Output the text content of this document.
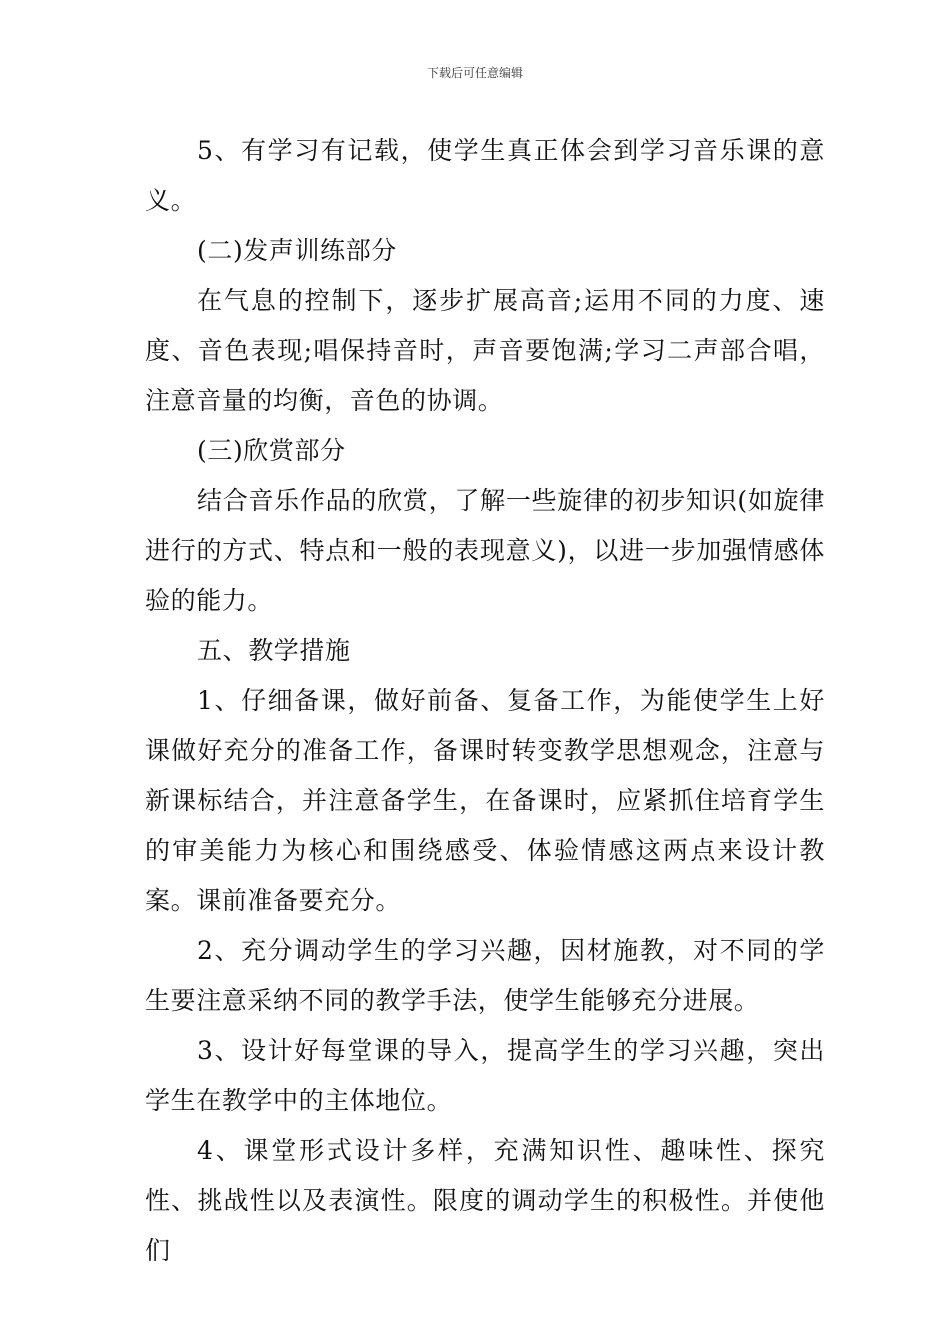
下载后可任意编辑

5、有学习有记载，使学生真正体会到学习音乐课的意义。

(二)发声训练部分

在气息的控制下，逐步扩展高音;运用不同的力度、速度、音色表现;唱保持音时，声音要饱满;学习二声部合唱，注意音量的均衡，音色的协调。

(三)欣赏部分

结合音乐作品的欣赏，了解一些旋律的初步知识(如旋律进行的方式、特点和一般的表现意义)，以进一步加强情感体验的能力。

五、教学措施

1、仔细备课，做好前备、复备工作，为能使学生上好课做好充分的准备工作，备课时转变教学思想观念，注意与新课标结合，并注意备学生，在备课时，应紧抓住培育学生的审美能力为核心和围绕感受、体验情感这两点来设计教案。课前准备要充分。

2、充分调动学生的学习兴趣，因材施教，对不同的学生要注意采纳不同的教学手法，使学生能够充分进展。

3、设计好每堂课的导入，提高学生的学习兴趣，突出学生在教学中的主体地位。

4、课堂形式设计多样，充满知识性、趣味性、探究性、挑战性以及表演性。限度的调动学生的积极性。并使他们
